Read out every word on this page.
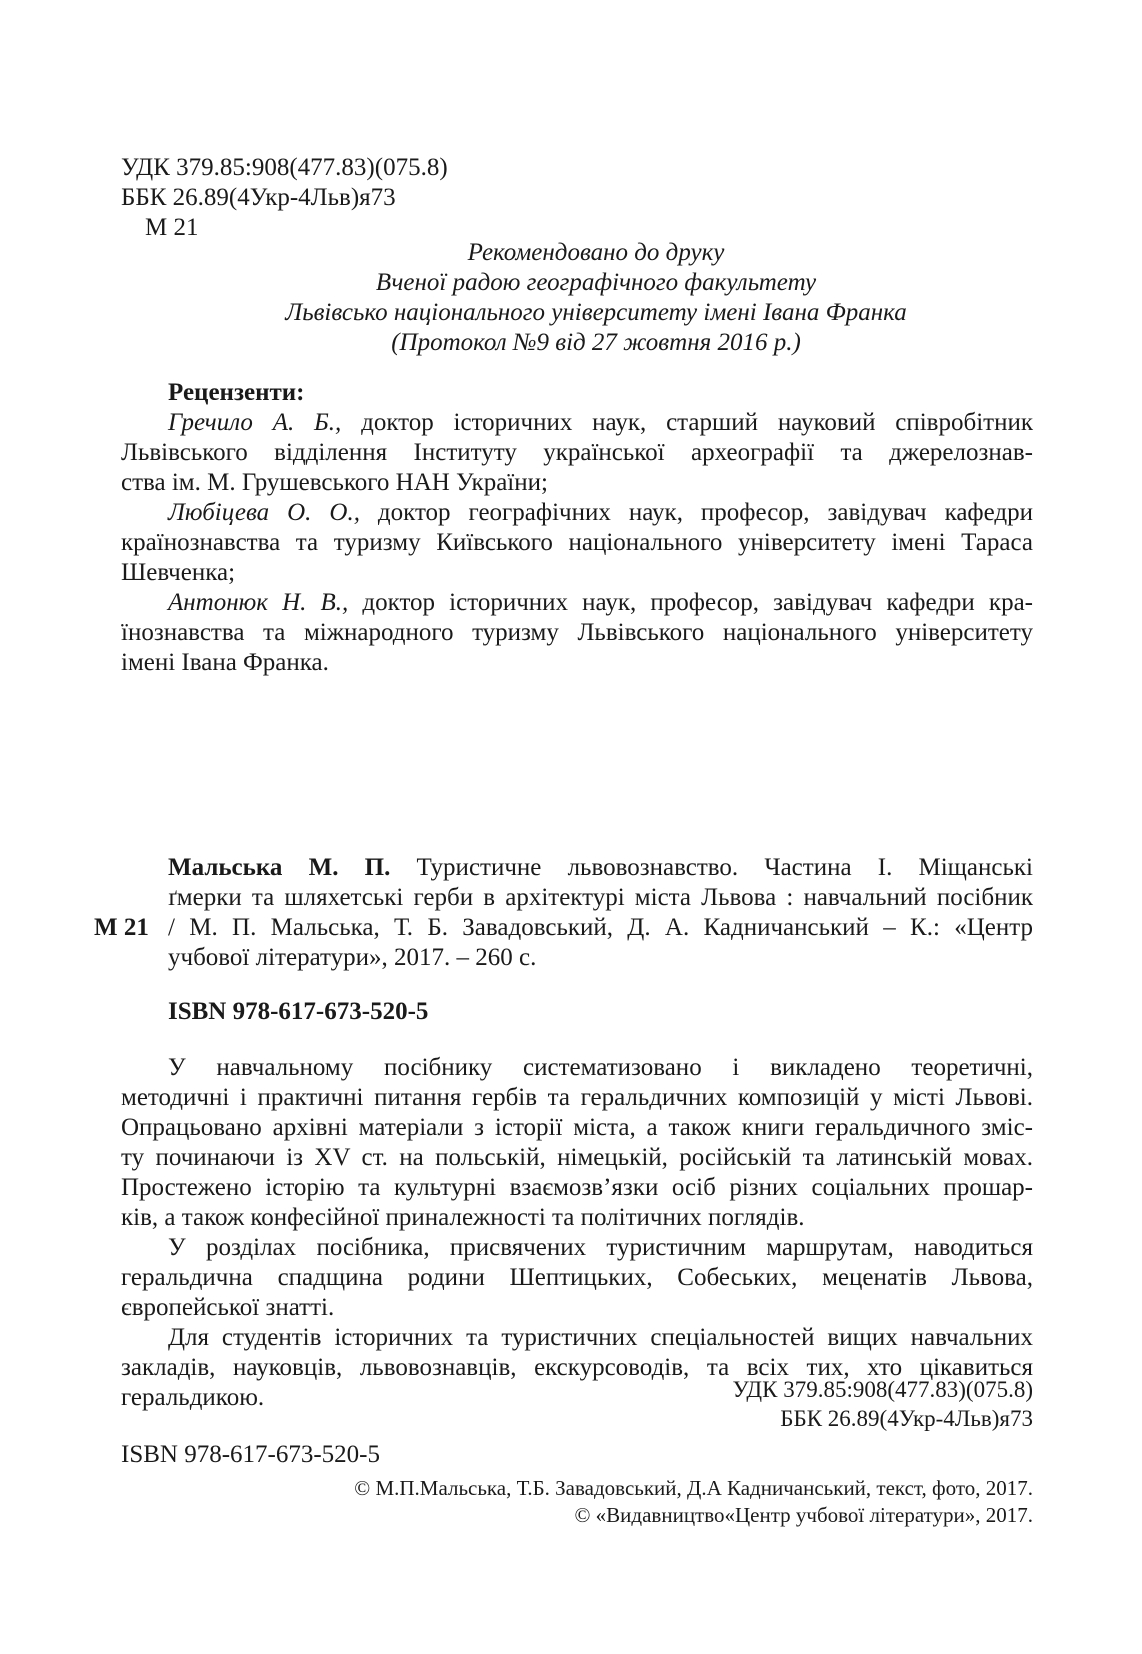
УДК 379.85:908(477.83)(075.8)
ББК 26.89(4Укр-4Льв)я73
М 21
Рекомендовано до друку
Вченої радою географічного факультету
Львівсько національного університету імені Івана Франка
(Протокол №9 від 27 жовтня 2016 р.)
Рецензенти:
Гречило А. Б., доктор історичних наук, старший науковий співробітник
Львівського відділення Інституту української археографії та джерелознав-
ства ім. М. Грушевського НАН України;
Любіцева О. О., доктор географічних наук, професор, завідувач кафедри
країнознавства та туризму Київського національного університету імені Тараса
Шевченка;
Антонюк Н. В., доктор історичних наук, професор, завідувач кафедри кра-
їнознавства та міжнародного туризму Львівського національного університету
імені Івана Франка.
М 21
Мальська М. П. Туристичне львовознавство. Частина І. Міщанські
ґмерки та шляхетські герби в архітектурі міста Львова : навчальний посібник
/ М. П. Мальська, Т. Б. Завадовський, Д. А. Кадничанський – К.: «Центр
учбової літератури», 2017. – 260 с.
ISBN 978-617-673-520-5
У навчальному посібнику систематизовано і викладено теоретичні,
методичні і практичні питання гербів та геральдичних композицій у місті Львові.
Опрацьовано архівні матеріали з історії міста, а також книги геральдичного зміс-
ту починаючи із XV ст. на польській, німецькій, російській та латинській мовах.
Простежено історію та культурні взаємозв’язки осіб різних соціальних прошар-
ків, а також конфесійної приналежності та політичних поглядів.
У розділах посібника, присвячених туристичним маршрутам, наводиться
геральдична спадщина родини Шептицьких, Собеських, меценатів Львова,
європейської знатті.
Для студентів історичних та туристичних спеціальностей вищих навчальних
закладів, науковців, львовознавців, екскурсоводів, та всіх тих, хто цікавиться
геральдикою.	УДК 379.85:908(477.83)(075.8)
ББК 26.89(4Укр-4Льв)я73
ISBN 978-617-673-520-5
© М.П.Мальська, Т.Б. Завадовський, Д.А Кадничанський, текст, фото, 2017.
© «Видавництво«Центр учбової літератури», 2017.
